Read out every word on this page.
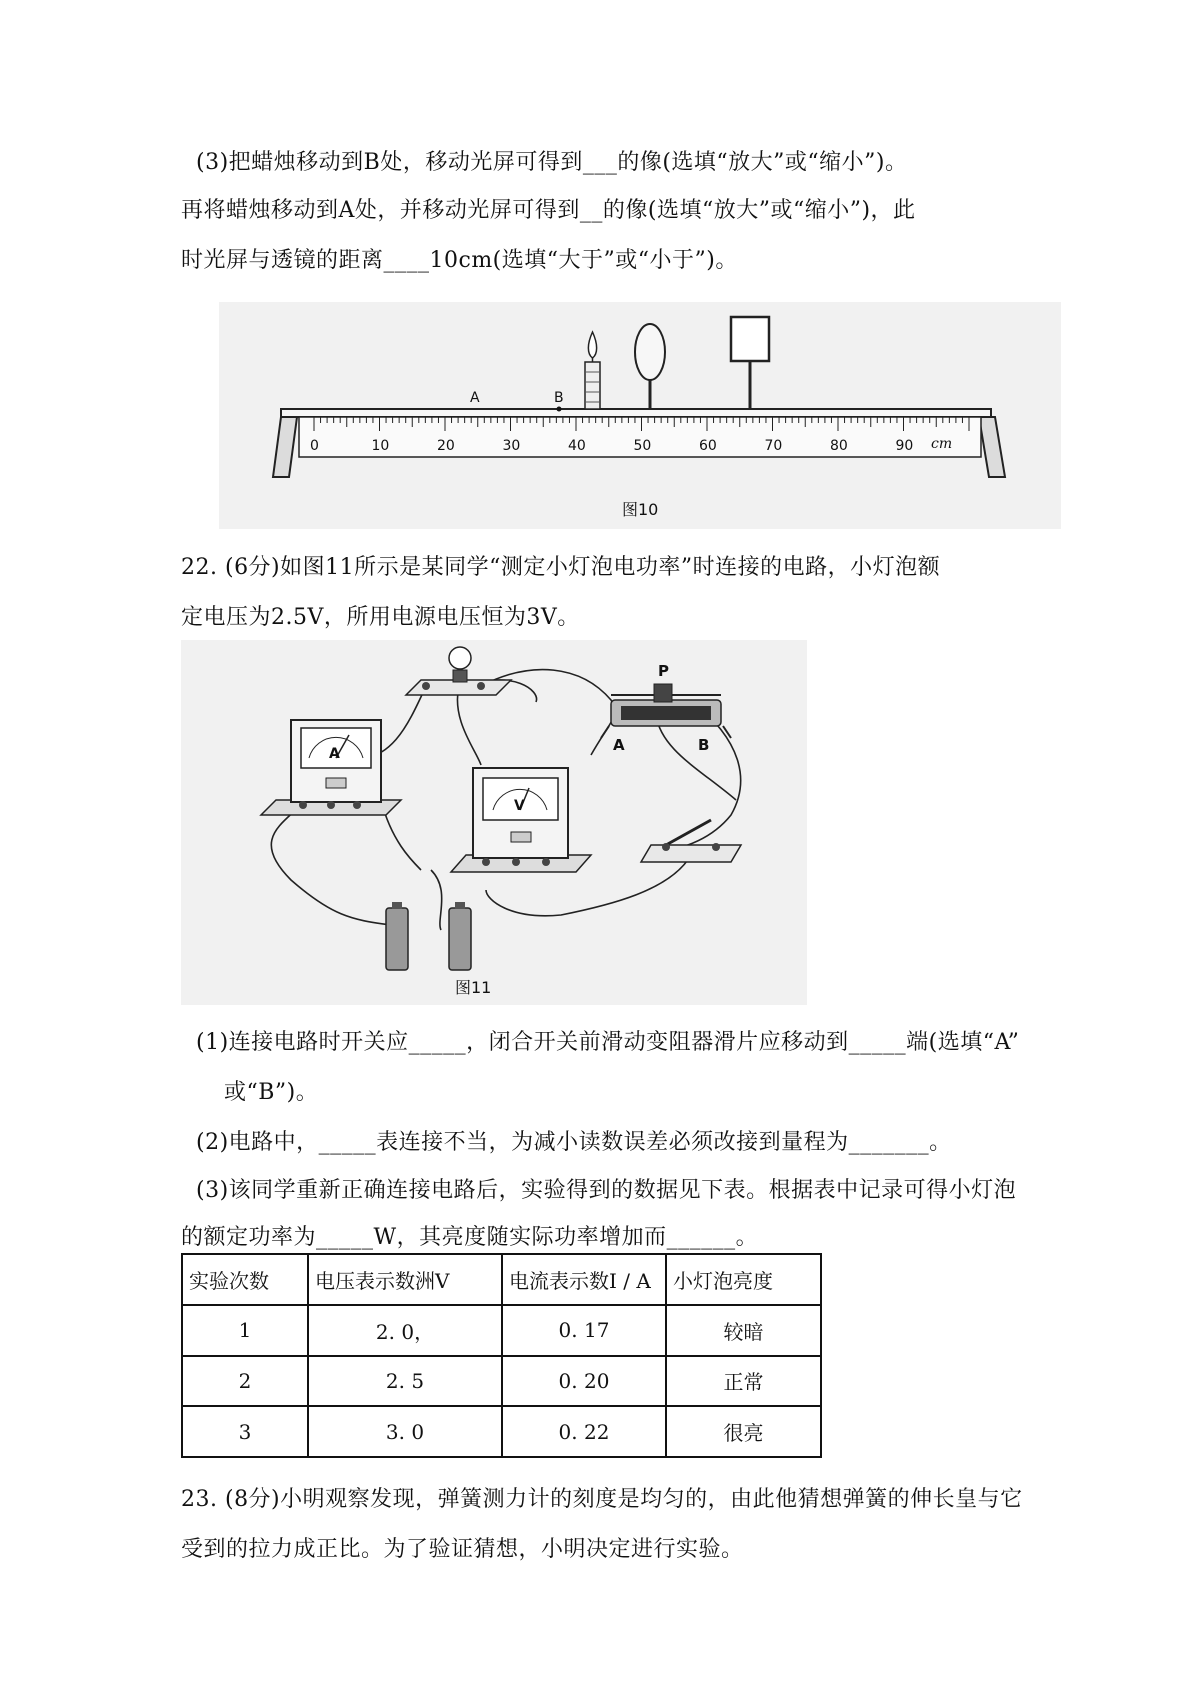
(3)把蜡烛移动到B处，移动光屏可得到___的像(选填“放大”或“缩小”)。
再将蜡烛移动到A处，并移动光屏可得到__的像(选填“放大”或“缩小”)，此
时光屏与透镜的距离____10cm(选填“大于”或“小于”)。
0	10	20	30	40	50	60	70	80	90 cm
A	B
图10
22. (6分)如图11所示是某同学“测定小灯泡电功率”时连接的电路，小灯泡额
定电压为2.5V，所用电源电压恒为3V。
A
V
P
A	B
图11
(1)连接电路时开关应_____，闭合开关前滑动变阻器滑片应移动到_____端(选填“A”
或“B”)。
(2)电路中，_____表连接不当，为减小读数误差必须改接到量程为_______。
(3)该同学重新正确连接电路后，实验得到的数据见下表。根据表中记录可得小灯泡
的额定功率为_____W，其亮度随实际功率增加而______。
实验次数	电压表示数洲V	电流表示数I / A	小灯泡亮度
1	2. 0，	0. 17	较暗
2	2. 5	0. 20	正常
3	3. 0	0. 22	很亮
23. (8分)小明观察发现，弹簧测力计的刻度是均匀的，由此他猜想弹簧的伸长皇与它
受到的拉力成正比。为了验证猜想，小明决定进行实验。
